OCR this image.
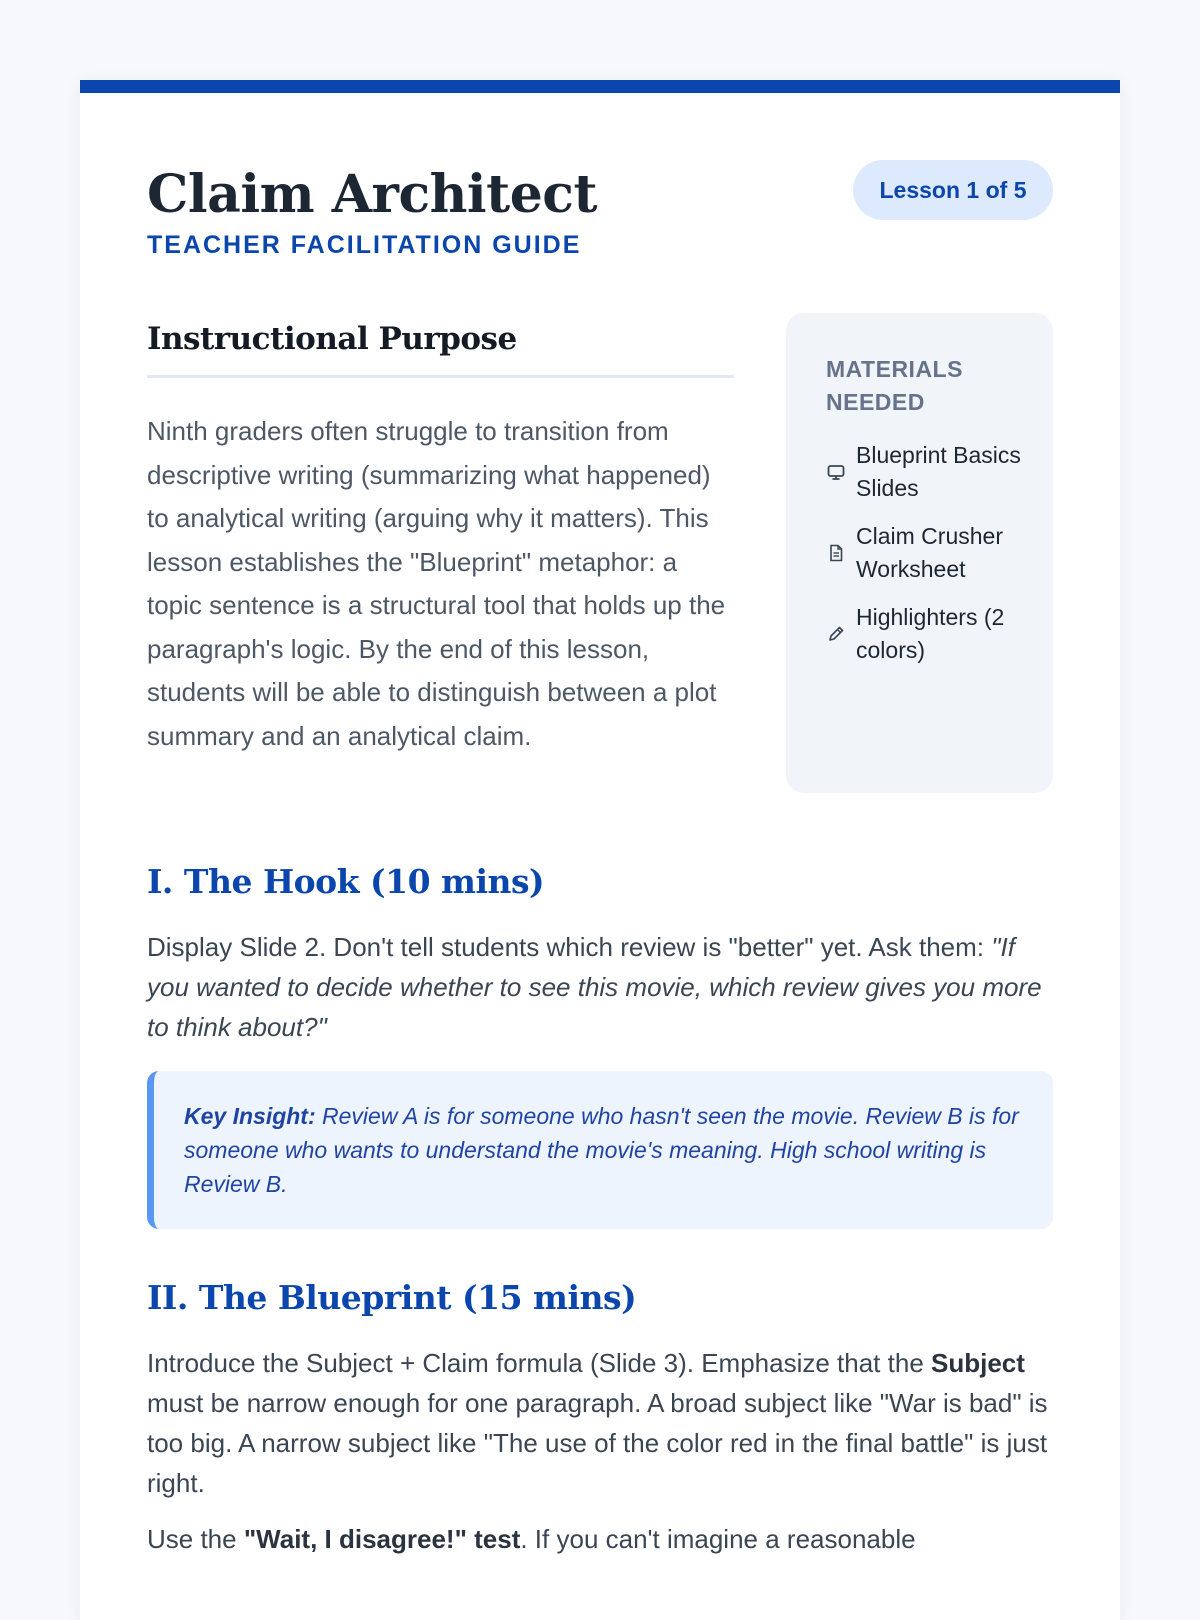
Claim Architect
TEACHER FACILITATION GUIDE
Lesson 1 of 5
Instructional Purpose

Ninth graders often struggle to transition from descriptive writing (summarizing what happened) to analytical writing (arguing why it matters). This lesson establishes the "Blueprint" metaphor: a topic sentence is a structural tool that holds up the paragraph's logic. By the end of this lesson, students will be able to distinguish between a plot summary and an analytical claim.

MATERIALS NEEDED
Blueprint Basics Slides
Claim Crusher Worksheet
Highlighters (2 colors)
I. The Hook (10 mins)

Display Slide 2. Don't tell students which review is "better" yet. Ask them: "If you wanted to decide whether to see this movie, which review gives you more to think about?"

Key Insight: Review A is for someone who hasn't seen the movie. Review B is for someone who wants to understand the movie's meaning. High school writing is Review B.
II. The Blueprint (15 mins)

Introduce the Subject + Claim formula (Slide 3). Emphasize that the Subject must be narrow enough for one paragraph. A broad subject like "War is bad" is too big. A narrow subject like "The use of the color red in the final battle" is just right.

Use the "Wait, I disagree!" test. If you can't imagine a reasonable
